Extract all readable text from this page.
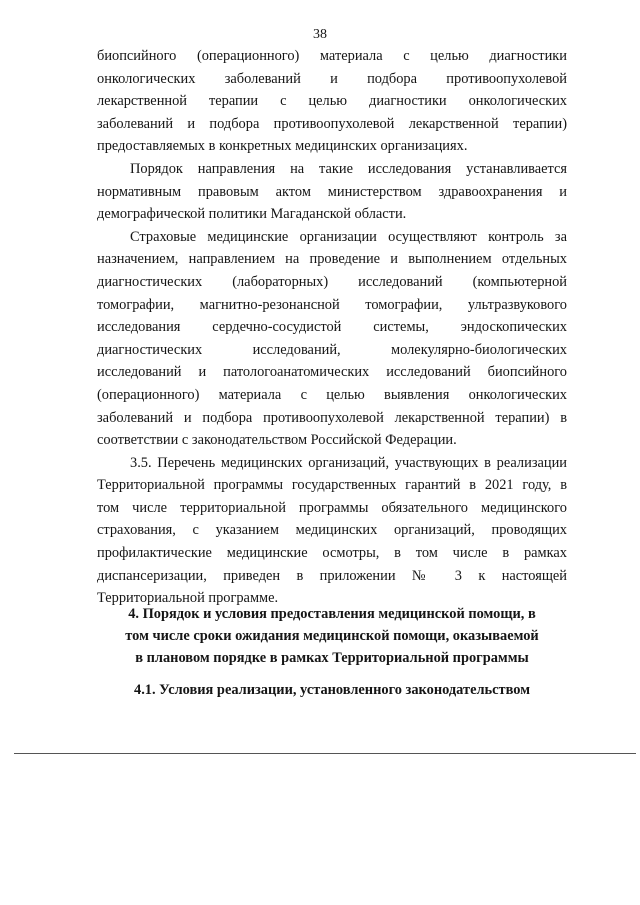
38
биопсийного (операционного) материала с целью диагностики
онкологических заболеваний и подбора противоопухолевой
лекарственной терапии с целью диагностики онкологических
заболеваний и подбора противоопухолевой лекарственной терапии)
предоставляемых в конкретных медицинских организациях.
Порядок направления на такие исследования устанавливается
нормативным правовым актом министерством здравоохранения и
демографической политики Магаданской области.
Страховые медицинские организации осуществляют контроль за
назначением, направлением на проведение и выполнением отдельных
диагностических (лабораторных) исследований (компьютерной
томографии, магнитно-резонансной томографии, ультразвукового
исследования сердечно-сосудистой системы, эндоскопических
диагностических исследований, молекулярно-биологических
исследований и патологоанатомических исследований биопсийного
(операционного) материала с целью выявления онкологических
заболеваний и подбора противоопухолевой лекарственной терапии) в
соответствии с законодательством Российской Федерации.
3.5. Перечень медицинских организаций, участвующих в реализации
Территориальной программы государственных гарантий в 2021 году, в
том числе территориальной программы обязательного медицинского
страхования, с указанием медицинских организаций, проводящих
профилактические медицинские осмотры, в том числе в рамках
диспансеризации, приведен в приложении № 3 к настоящей
Территориальной программе.
4. Порядок и условия предоставления медицинской помощи, в
том числе сроки ожидания медицинской помощи, оказываемой
в плановом порядке в рамках Территориальной программы
4.1. Условия реализации, установленного законодательством
